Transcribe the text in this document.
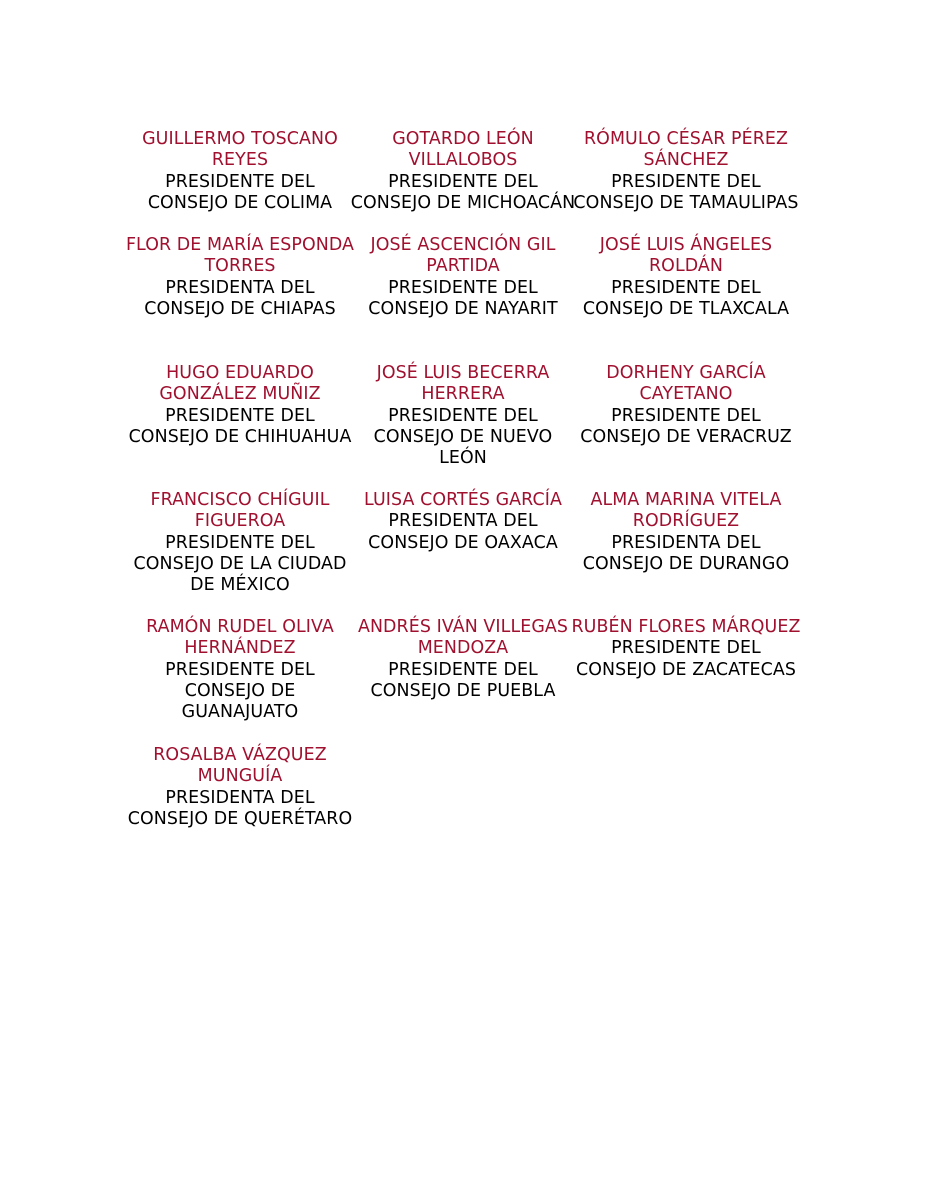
GUILLERMO TOSCANO REYES
PRESIDENTE DEL CONSEJO DE COLIMA
GOTARDO LEÓN VILLALOBOS
PRESIDENTE DEL CONSEJO DE MICHOACÁN
RÓMULO CÉSAR PÉREZ SÁNCHEZ
PRESIDENTE DEL CONSEJO DE TAMAULIPAS
FLOR DE MARÍA ESPONDA TORRES
PRESIDENTA DEL CONSEJO DE CHIAPAS
JOSÉ ASCENCIÓN GIL PARTIDA
PRESIDENTE DEL CONSEJO DE NAYARIT
JOSÉ LUIS ÁNGELES ROLDÁN
PRESIDENTE DEL CONSEJO DE TLAXCALA
HUGO EDUARDO GONZÁLEZ MUÑIZ
PRESIDENTE DEL CONSEJO DE CHIHUAHUA
JOSÉ LUIS BECERRA HERRERA
PRESIDENTE DEL CONSEJO DE NUEVO LEÓN
DORHENY GARCÍA CAYETANO
PRESIDENTE DEL CONSEJO DE VERACRUZ
FRANCISCO CHÍGUIL FIGUEROA
PRESIDENTE DEL CONSEJO DE LA CIUDAD DE MÉXICO
LUISA CORTÉS GARCÍA
PRESIDENTA DEL CONSEJO DE OAXACA
ALMA MARINA VITELA RODRÍGUEZ
PRESIDENTA DEL CONSEJO DE DURANGO
RAMÓN RUDEL OLIVA HERNÁNDEZ
PRESIDENTE DEL CONSEJO DE GUANAJUATO
ANDRÉS IVÁN VILLEGAS MENDOZA
PRESIDENTE DEL CONSEJO DE PUEBLA
RUBÉN FLORES MÁRQUEZ
PRESIDENTE DEL CONSEJO DE ZACATECAS
ROSALBA VÁZQUEZ MUNGUÍA
PRESIDENTA DEL CONSEJO DE QUERÉTARO
